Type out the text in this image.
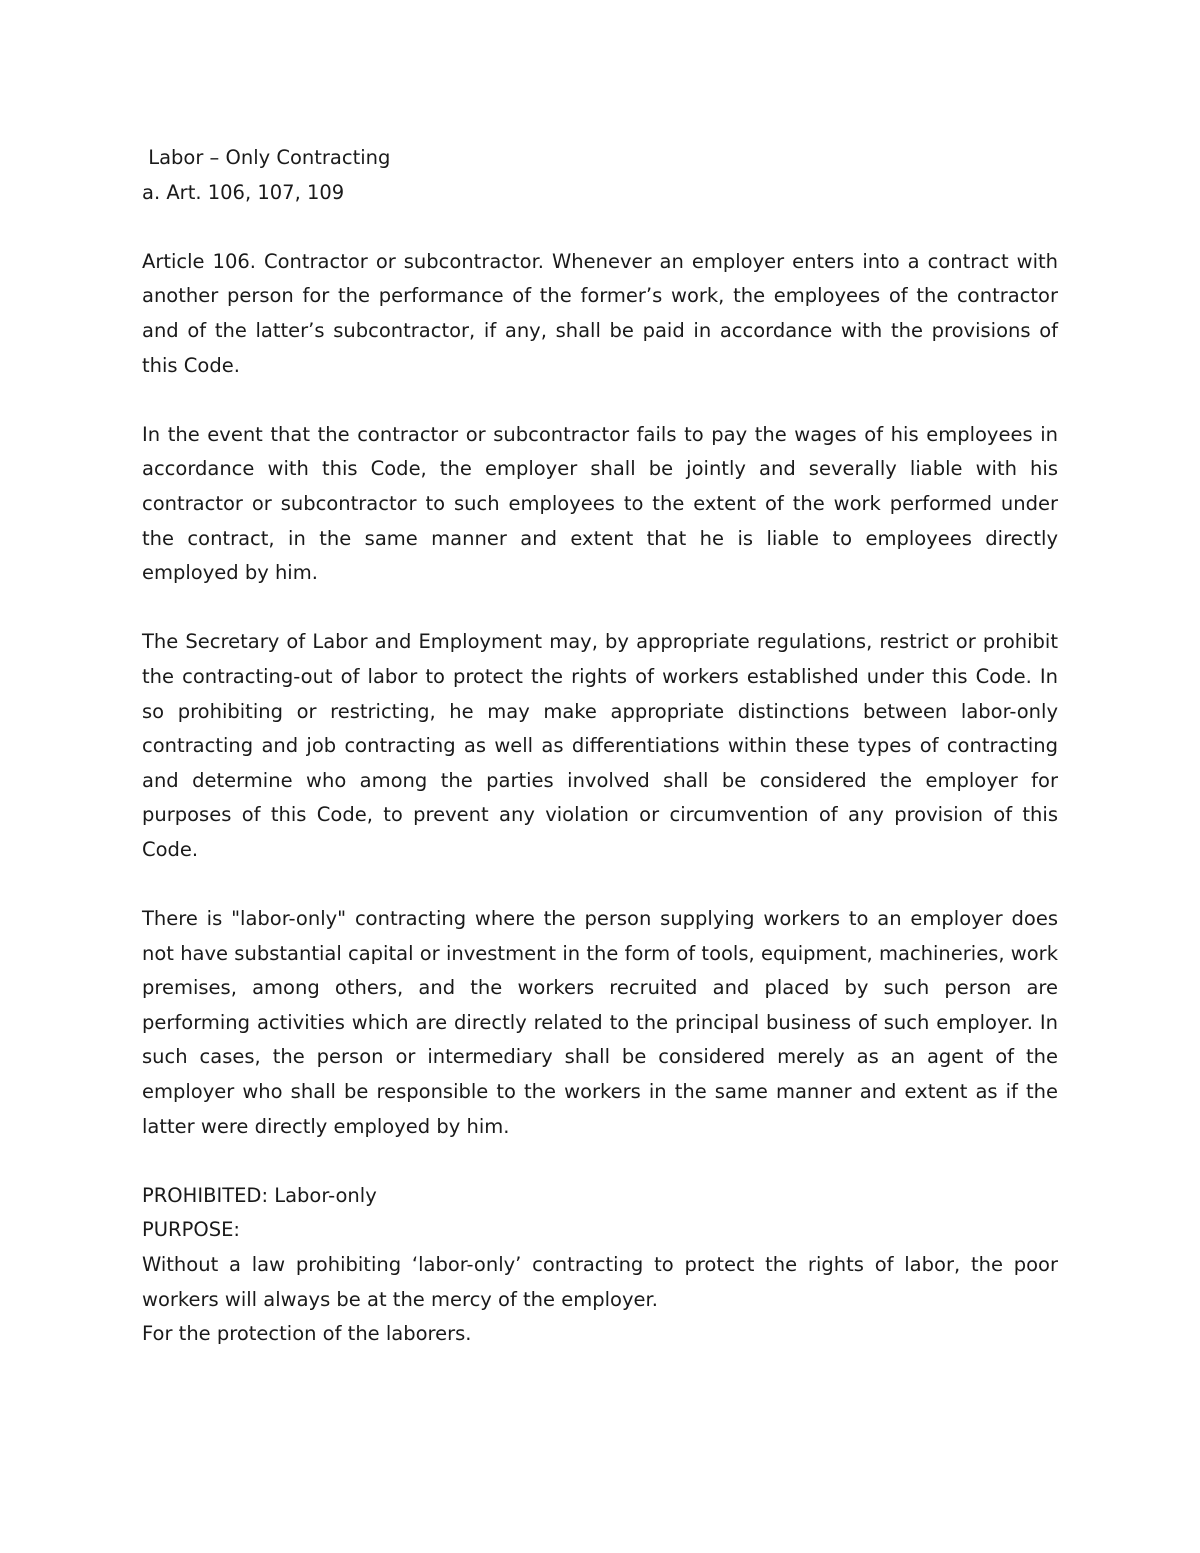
Labor – Only Contracting

a. Art. 106, 107, 109

Article 106. Contractor or subcontractor. Whenever an employer enters into a contract with another person for the performance of the former’s work, the employees of the contractor and of the latter’s subcontractor, if any, shall be paid in accordance with the provisions of this Code.

In the event that the contractor or subcontractor fails to pay the wages of his employees in accordance with this Code, the employer shall be jointly and severally liable with his contractor or subcontractor to such employees to the extent of the work performed under the contract, in the same manner and extent that he is liable to employees directly employed by him.

The Secretary of Labor and Employment may, by appropriate regulations, restrict or prohibit the contracting-out of labor to protect the rights of workers established under this Code. In so prohibiting or restricting, he may make appropriate distinctions between labor-only contracting and job contracting as well as differentiations within these types of contracting and determine who among the parties involved shall be considered the employer for purposes of this Code, to prevent any violation or circumvention of any provision of this Code.

There is "labor-only" contracting where the person supplying workers to an employer does not have substantial capital or investment in the form of tools, equipment, machineries, work premises, among others, and the workers recruited and placed by such person are performing activities which are directly related to the principal business of such employer. In such cases, the person or intermediary shall be considered merely as an agent of the employer who shall be responsible to the workers in the same manner and extent as if the latter were directly employed by him.

PROHIBITED: Labor-only

PURPOSE:

Without a law prohibiting ‘labor-only’ contracting to protect the rights of labor, the poor workers will always be at the mercy of the employer.

For the protection of the laborers.
